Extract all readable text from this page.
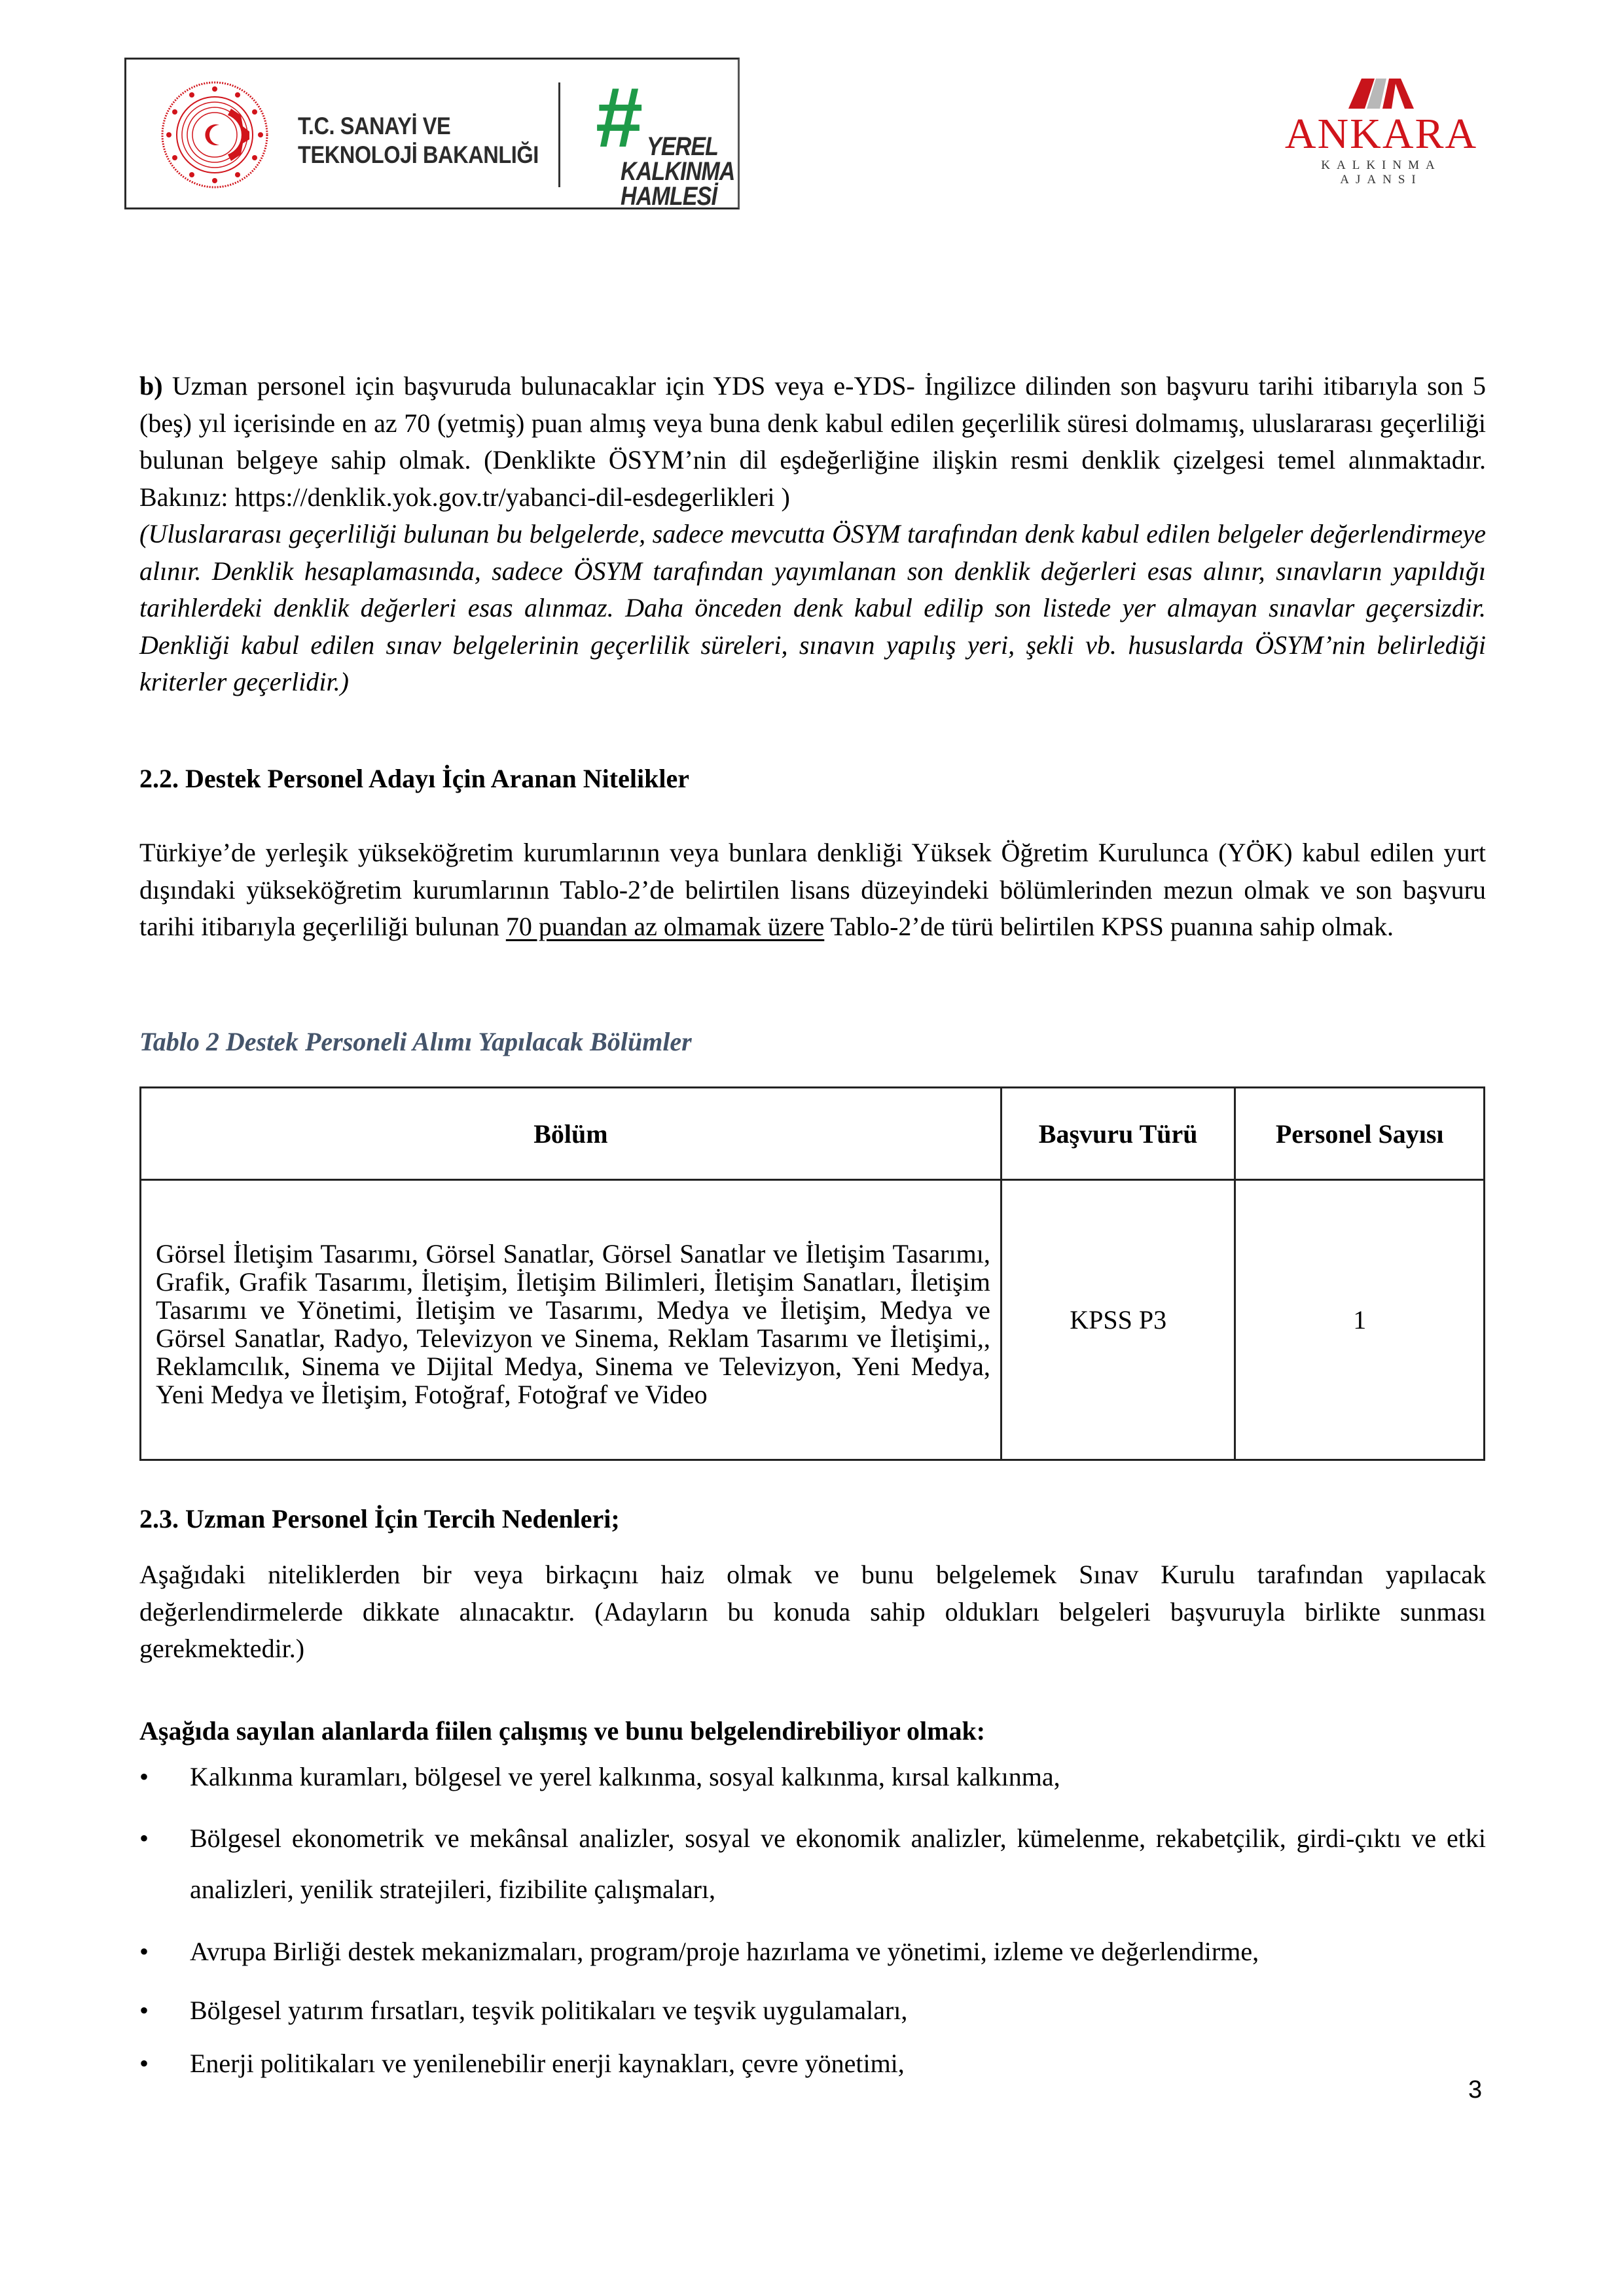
T.C. SANAYİ VE
TEKNOLOJİ BAKANLIĞI # YEREL
KALKINMA
HAMLESİ
ANKARA
KALKINMA AJANSI
b) Uzman personel için başvuruda bulunacaklar için YDS veya e-YDS- İngilizce dilinden son başvuru tarihi itibarıyla son 5 (beş) yıl içerisinde en az 70 (yetmiş) puan almış veya buna denk kabul edilen geçerlilik süresi dolmamış, uluslararası geçerliliği bulunan belgeye sahip olmak. (Denklikte ÖSYM’nin dil eşdeğerliğine ilişkin resmi denklik çizelgesi temel alınmaktadır. Bakınız: https://denklik.yok.gov.tr/yabanci-dil-esdegerlikleri )
(Uluslararası geçerliliği bulunan bu belgelerde, sadece mevcutta ÖSYM tarafından denk kabul edilen belgeler değerlendirmeye alınır. Denklik hesaplamasında, sadece ÖSYM tarafından yayımlanan son denklik değerleri esas alınır, sınavların yapıldığı tarihlerdeki denklik değerleri esas alınmaz. Daha önceden denk kabul edilip son listede yer almayan sınavlar geçersizdir. Denkliği kabul edilen sınav belgelerinin geçerlilik süreleri, sınavın yapılış yeri, şekli vb. hususlarda ÖSYM’nin belirlediği kriterler geçerlidir.)
2.2. Destek Personel Adayı İçin Aranan Nitelikler
Türkiye’de yerleşik yükseköğretim kurumlarının veya bunlara denkliği Yüksek Öğretim Kurulunca (YÖK) kabul edilen yurt dışındaki yükseköğretim kurumlarının Tablo-2’de belirtilen lisans düzeyindeki bölümlerinden mezun olmak ve son başvuru tarihi itibarıyla geçerliliği bulunan 70 puandan az olmamak üzere Tablo-2’de türü belirtilen KPSS puanına sahip olmak.
Tablo 2 Destek Personeli Alımı Yapılacak Bölümler
Bölüm	Başvuru Türü	Personel Sayısı
Görsel İletişim Tasarımı, Görsel Sanatlar, Görsel Sanatlar ve İletişim Tasarımı, Grafik, Grafik Tasarımı, İletişim, İletişim Bilimleri, İletişim Sanatları, İletişim Tasarımı ve Yönetimi, İletişim ve Tasarımı, Medya ve İletişim, Medya ve Görsel Sanatlar, Radyo, Televizyon ve Sinema, Reklam Tasarımı ve İletişimi,, Reklamcılık, Sinema ve Dijital Medya, Sinema ve Televizyon, Yeni Medya, Yeni Medya ve İletişim, Fotoğraf, Fotoğraf ve Video	KPSS P3	1
2.3. Uzman Personel İçin Tercih Nedenleri;
Aşağıdaki niteliklerden bir veya birkaçını haiz olmak ve bunu belgelemek Sınav Kurulu tarafından yapılacak değerlendirmelerde dikkate alınacaktır. (Adayların bu konuda sahip oldukları belgeleri başvuruyla birlikte sunması gerekmektedir.)
Aşağıda sayılan alanlarda fiilen çalışmış ve bunu belgelendirebiliyor olmak:
• Kalkınma kuramları, bölgesel ve yerel kalkınma, sosyal kalkınma, kırsal kalkınma,
• Bölgesel ekonometrik ve mekânsal analizler, sosyal ve ekonomik analizler, kümelenme, rekabetçilik, girdi-çıktı ve etki analizleri, yenilik stratejileri, fizibilite çalışmaları,
• Avrupa Birliği destek mekanizmaları, program/proje hazırlama ve yönetimi, izleme ve değerlendirme,
• Bölgesel yatırım fırsatları, teşvik politikaları ve teşvik uygulamaları,
• Enerji politikaları ve yenilenebilir enerji kaynakları, çevre yönetimi,
3
